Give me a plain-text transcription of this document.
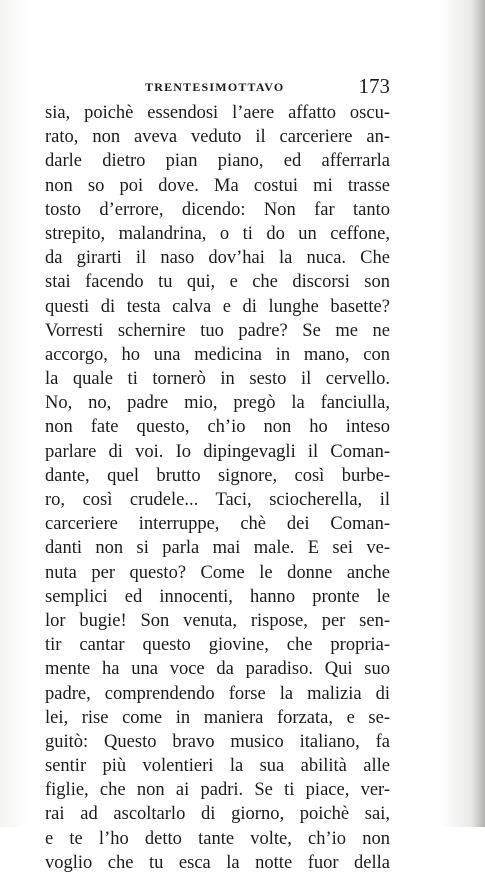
TRENTESIMOTTAVO	173
sia, poichè essendosi l’aere affatto oscu-
rato, non aveva veduto il carceriere an-
darle dietro pian piano, ed afferrarla
non so poi dove. Ma costui mi trasse
tosto d’errore, dicendo: Non far tanto
strepito, malandrina, o ti do un ceffone,
da girarti il naso dov’hai la nuca. Che
stai facendo tu qui, e che discorsi son
questi di testa calva e di lunghe basette?
Vorresti schernire tuo padre? Se me ne
accorgo, ho una medicina in mano, con
la quale ti tornerò in sesto il cervello.
No, no, padre mio, pregò la fanciulla,
non fate questo, ch’io non ho inteso
parlare di voi. Io dipingevagli il Coman-
dante, quel brutto signore, così burbe-
ro, così crudele... Taci, sciocherella, il
carceriere interruppe, chè dei Coman-
danti non si parla mai male. E sei ve-
nuta per questo? Come le donne anche
semplici ed innocenti, hanno pronte le
lor bugie! Son venuta, rispose, per sen-
tir cantar questo giovine, che propria-
mente ha una voce da paradiso. Qui suo
padre, comprendendo forse la malizia di
lei, rise come in maniera forzata, e se-
guitò: Questo bravo musico italiano, fa
sentir più volentieri la sua abilità alle
figlie, che non ai padri. Se ti piace, ver-
rai ad ascoltarlo di giorno, poichè sai,
e te l’ho detto tante volte, ch’io non
voglio che tu esca la notte fuor della
